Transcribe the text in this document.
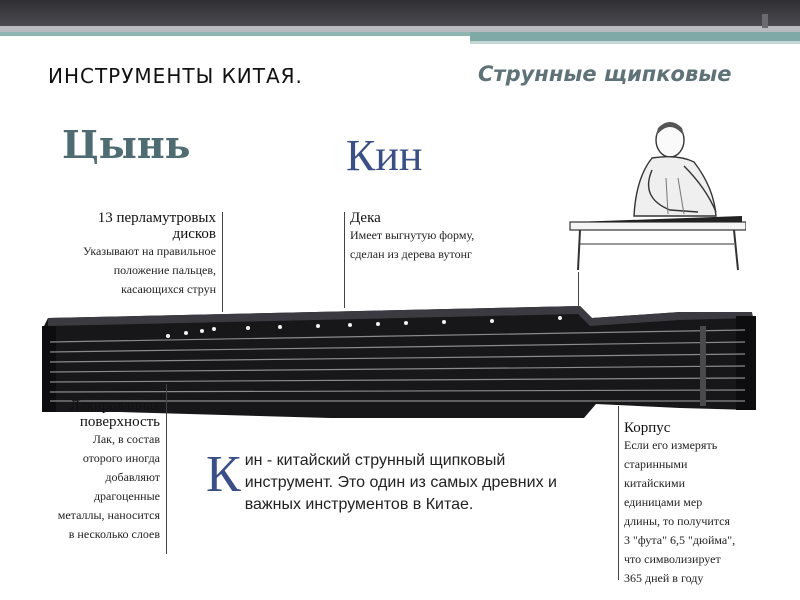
ИНСТРУМЕНТЫ КИТАЯ.	Струнные щипковые
Цынь	Кин
13 перламутровых
дисков
Указывают на правильное
положение пальцев,
касающихся струн
Дека
Имеет выгнутую форму,
сделан из дерева вутонг
Лакированная
поверхность
Лак, в состав
оторого иногда
добавляют
драгоценные
металлы, наносится
в несколько слоев
Корпус
Если его измерять
старинными
китайскими
единицами мер
длины, то получится
3 "фута" 6,5 "дюйма",
что символизирует
365 дней в году
К ин - китайский струнный щипковый инструмент. Это один из самых древних и важных инструментов в Китае.
